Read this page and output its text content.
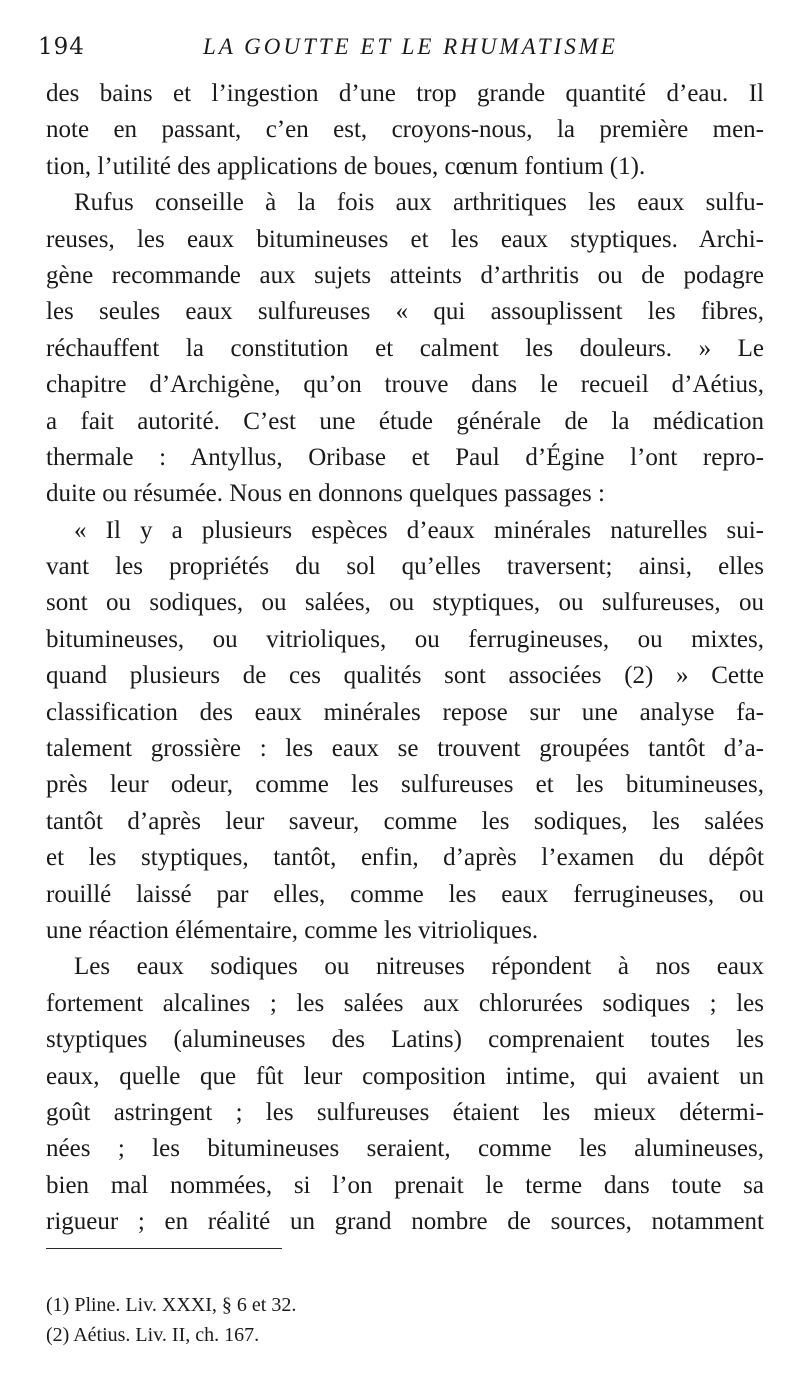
194	LA GOUTTE ET LE RHUMATISME
des bains et l’ingestion d’une trop grande quantité d’eau. Il
note en passant, c’en est, croyons-nous, la première men-
tion, l’utilité des applications de boues, cœnum fontium (1).
Rufus conseille à la fois aux arthritiques les eaux sulfu-
reuses, les eaux bitumineuses et les eaux styptiques. Archi-
gène recommande aux sujets atteints d’arthritis ou de podagre
les seules eaux sulfureuses « qui assouplissent les fibres,
réchauffent la constitution et calment les douleurs. » Le
chapitre d’Archigène, qu’on trouve dans le recueil d’Aétius,
a fait autorité. C’est une étude générale de la médication
thermale : Antyllus, Oribase et Paul d’Égine l’ont repro-
duite ou résumée. Nous en donnons quelques passages :
« Il y a plusieurs espèces d’eaux minérales naturelles sui-
vant les propriétés du sol qu’elles traversent; ainsi, elles
sont ou sodiques, ou salées, ou styptiques, ou sulfureuses, ou
bitumineuses, ou vitrioliques, ou ferrugineuses, ou mixtes,
quand plusieurs de ces qualités sont associées (2) » Cette
classification des eaux minérales repose sur une analyse fa-
talement grossière : les eaux se trouvent groupées tantôt d’a-
près leur odeur, comme les sulfureuses et les bitumineuses,
tantôt d’après leur saveur, comme les sodiques, les salées
et les styptiques, tantôt, enfin, d’après l’examen du dépôt
rouillé laissé par elles, comme les eaux ferrugineuses, ou
une réaction élémentaire, comme les vitrioliques.
Les eaux sodiques ou nitreuses répondent à nos eaux
fortement alcalines ; les salées aux chlorurées sodiques ; les
styptiques (alumineuses des Latins) comprenaient toutes les
eaux, quelle que fût leur composition intime, qui avaient un
goût astringent ; les sulfureuses étaient les mieux détermi-
nées ; les bitumineuses seraient, comme les alumineuses,
bien mal nommées, si l’on prenait le terme dans toute sa
rigueur ; en réalité un grand nombre de sources, notamment
(1) Pline. Liv. XXXI, § 6 et 32.
(2) Aétius. Liv. II, ch. 167.
